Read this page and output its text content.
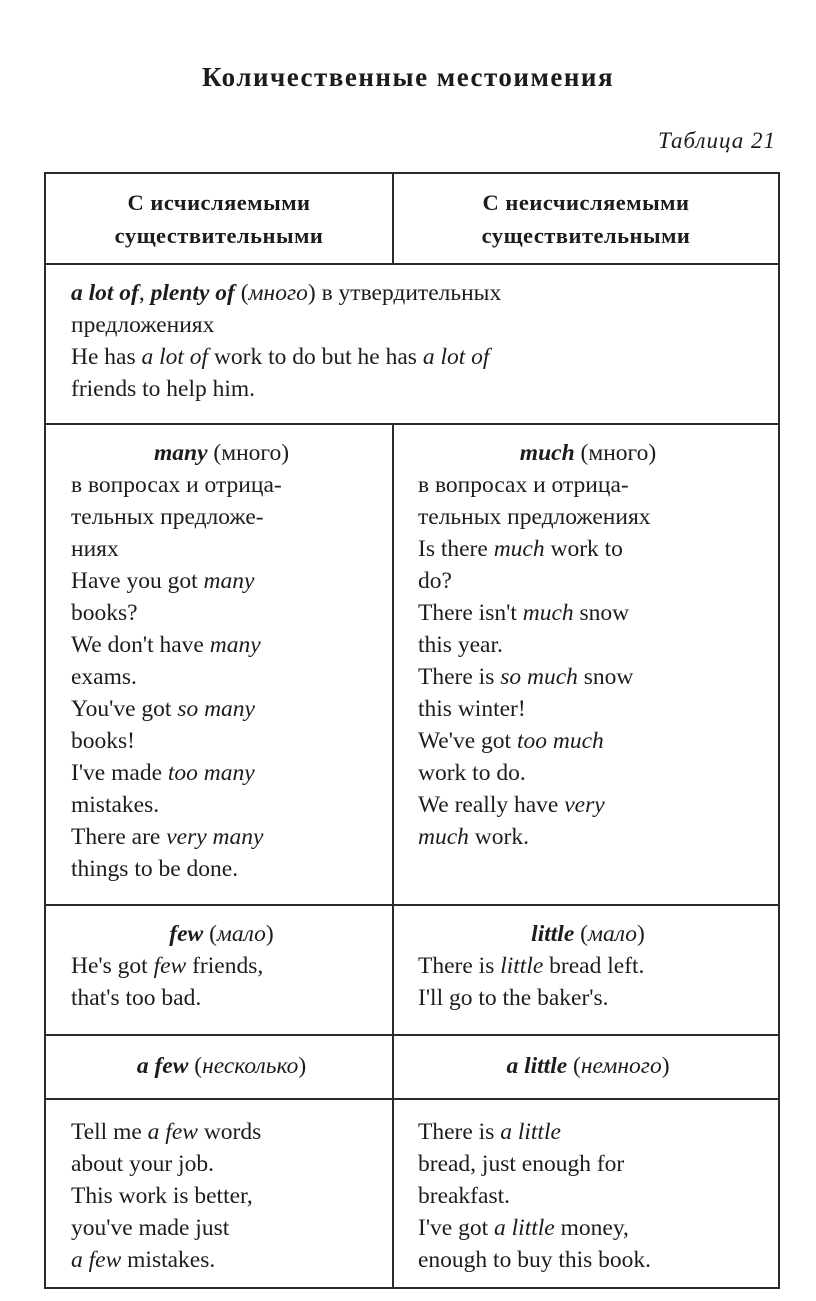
Количественные местоимения
Таблица 21
С исчисляемыми
существительными
С неисчисляемыми
существительными
a lot of, plenty of (много) в утвердительных
предложениях
He has a lot of work to do but he has a lot of
friends to help him.
many (много)
в вопросах и отрица-
тельных предложе-
ниях
Have you got many
books?
We don't have many
exams.
You've got so many
books!
I've made too many
mistakes.
There are very many
things to be done.
much (много)
в вопросах и отрица-
тельных предложениях
Is there much work to
do?
There isn't much snow
this year.
There is so much snow
this winter!
We've got too much
work to do.
We really have very
much work.
few (мало)
He's got few friends,
that's too bad.
little (мало)
There is little bread left.
I'll go to the baker's.
a few (несколько)	a little (немного)
Tell me a few words
about your job.
This work is better,
you've made just
a few mistakes.
There is a little
bread, just enough for
breakfast.
I've got a little money,
enough to buy this book.
